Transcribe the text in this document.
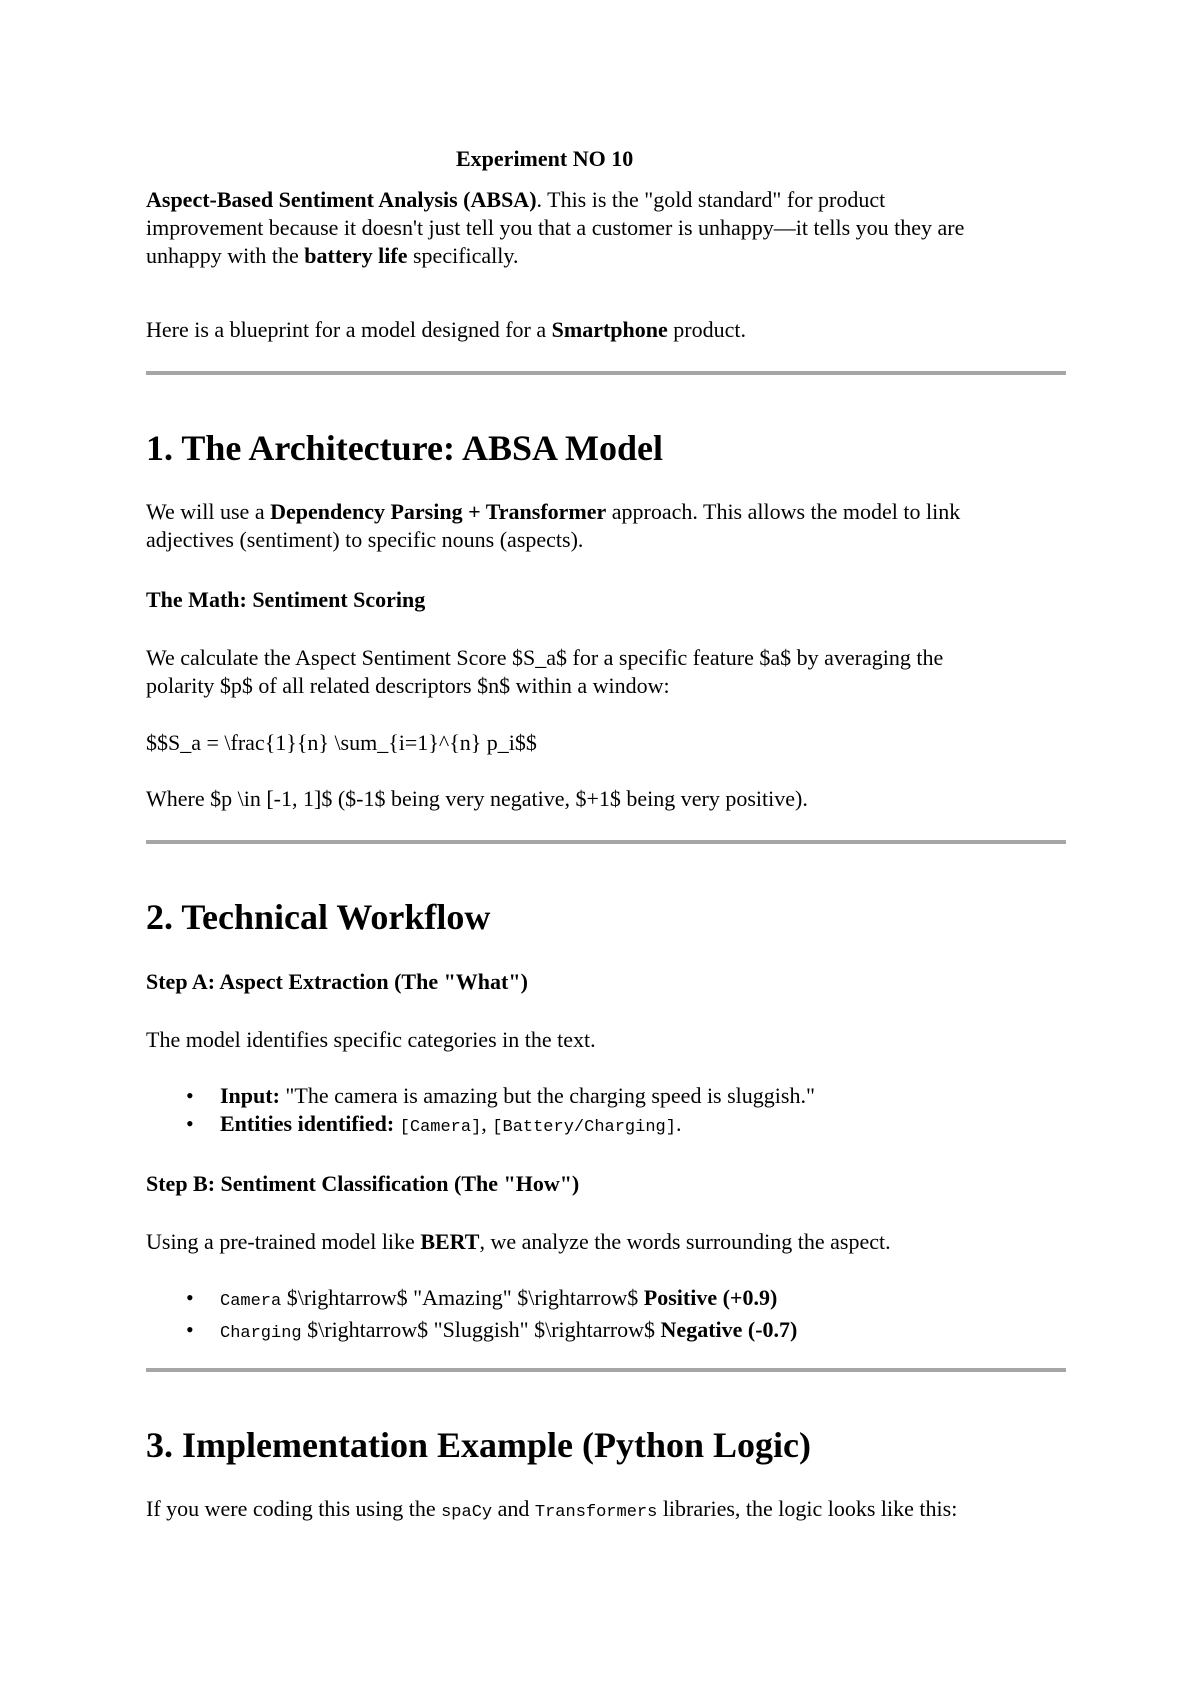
Experiment NO 10

Aspect-Based Sentiment Analysis (ABSA). This is the "gold standard" for product
improvement because it doesn't just tell you that a customer is unhappy—it tells you they are
unhappy with the battery life specifically.

Here is a blueprint for a model designed for a Smartphone product.

1. The Architecture: ABSA Model

We will use a Dependency Parsing + Transformer approach. This allows the model to link
adjectives (sentiment) to specific nouns (aspects).

The Math: Sentiment Scoring

We calculate the Aspect Sentiment Score $S_a$ for a specific feature $a$ by averaging the
polarity $p$ of all related descriptors $n$ within a window:

$$S_a = \frac{1}{n} \sum_{i=1}^{n} p_i$$

Where $p \in [-1, 1]$ ($-1$ being very negative, $+1$ being very positive).

2. Technical Workflow
Step A: Aspect Extraction (The "What")

The model identifies specific categories in the text.

• Input: "The camera is amazing but the charging speed is sluggish."
• Entities identified: [Camera], [Battery/Charging].
Step B: Sentiment Classification (The "How")

Using a pre-trained model like BERT, we analyze the words surrounding the aspect.

• Camera $\rightarrow$ "Amazing" $\rightarrow$ Positive (+0.9)
• Charging $\rightarrow$ "Sluggish" $\rightarrow$ Negative (-0.7)
3. Implementation Example (Python Logic)

If you were coding this using the spaCy and Transformers libraries, the logic looks like this:
